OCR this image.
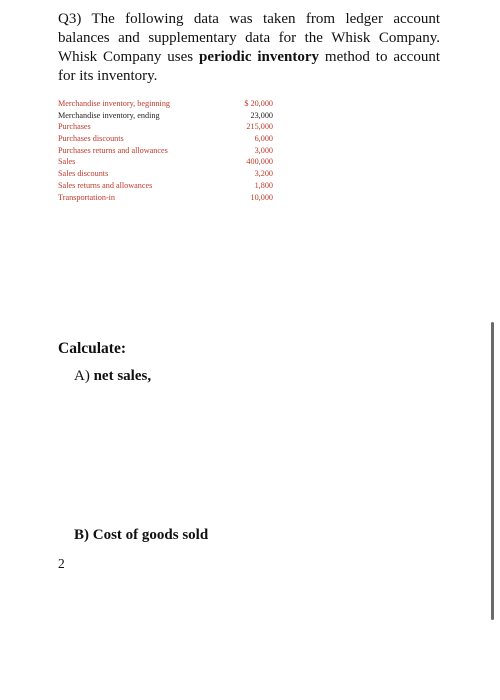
Q3) The following data was taken from ledger account balances and supplementary data for the Whisk Company. Whisk Company uses periodic inventory method to account for its inventory.

Merchandise inventory, beginning	$ 20,000
Merchandise inventory, ending	23,000
Purchases	215,000
Purchases discounts	6,000
Purchases returns and allowances	3,000
Sales	400,000
Sales discounts	3,200
Sales returns and allowances	1,800
Transportation-in	10,000
Calculate:

A) net sales,

B) Cost of goods sold

2
